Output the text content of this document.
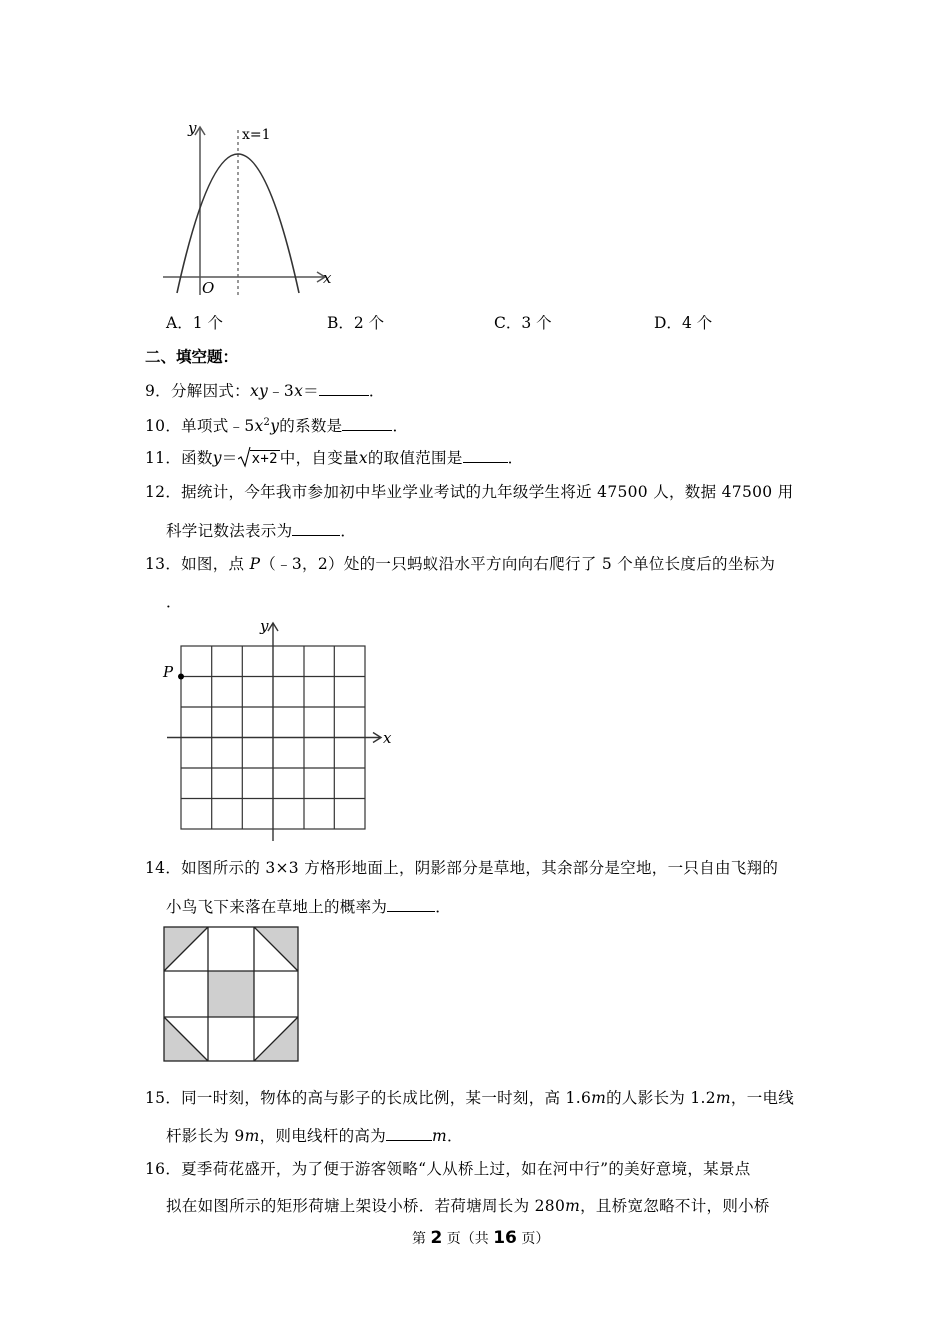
y
x
O
x=1
A．1 个	B．2 个	C．3 个	D．4 个
二、填空题：
9．分解因式：xy﹣3x＝	．
10．单项式$﹣5x^2y$的系数是	．
11．函数y＝ x+2 中，自变量x的取值范围是	．
12．据统计，今年我市参加初中毕业学业考试的九年级学生将近 47500 人，数据 47500 用
科学记数法表示为	．
13．如图，点 P（﹣3，2）处的一只蚂蚁沿水平方向向右爬行了 5 个单位长度后的坐标为
．
P
y
x
14．如图所示的 3×3 方格形地面上，阴影部分是草地，其余部分是空地，一只自由飞翔的
小鸟飞下来落在草地上的概率为	．
15．同一时刻，物体的高与影子的长成比例，某一时刻，高 1.6m的人影长为 1.2m，一电线
杆影长为 9m，则电线杆的高为	m．
16．夏季荷花盛开，为了便于游客领略“人从桥上过，如在河中行”的美好意境，某景点
拟在如图所示的矩形荷塘上架设小桥．若荷塘周长为 280m，且桥宽忽略不计，则小桥
第 2 页（共 16 页）
